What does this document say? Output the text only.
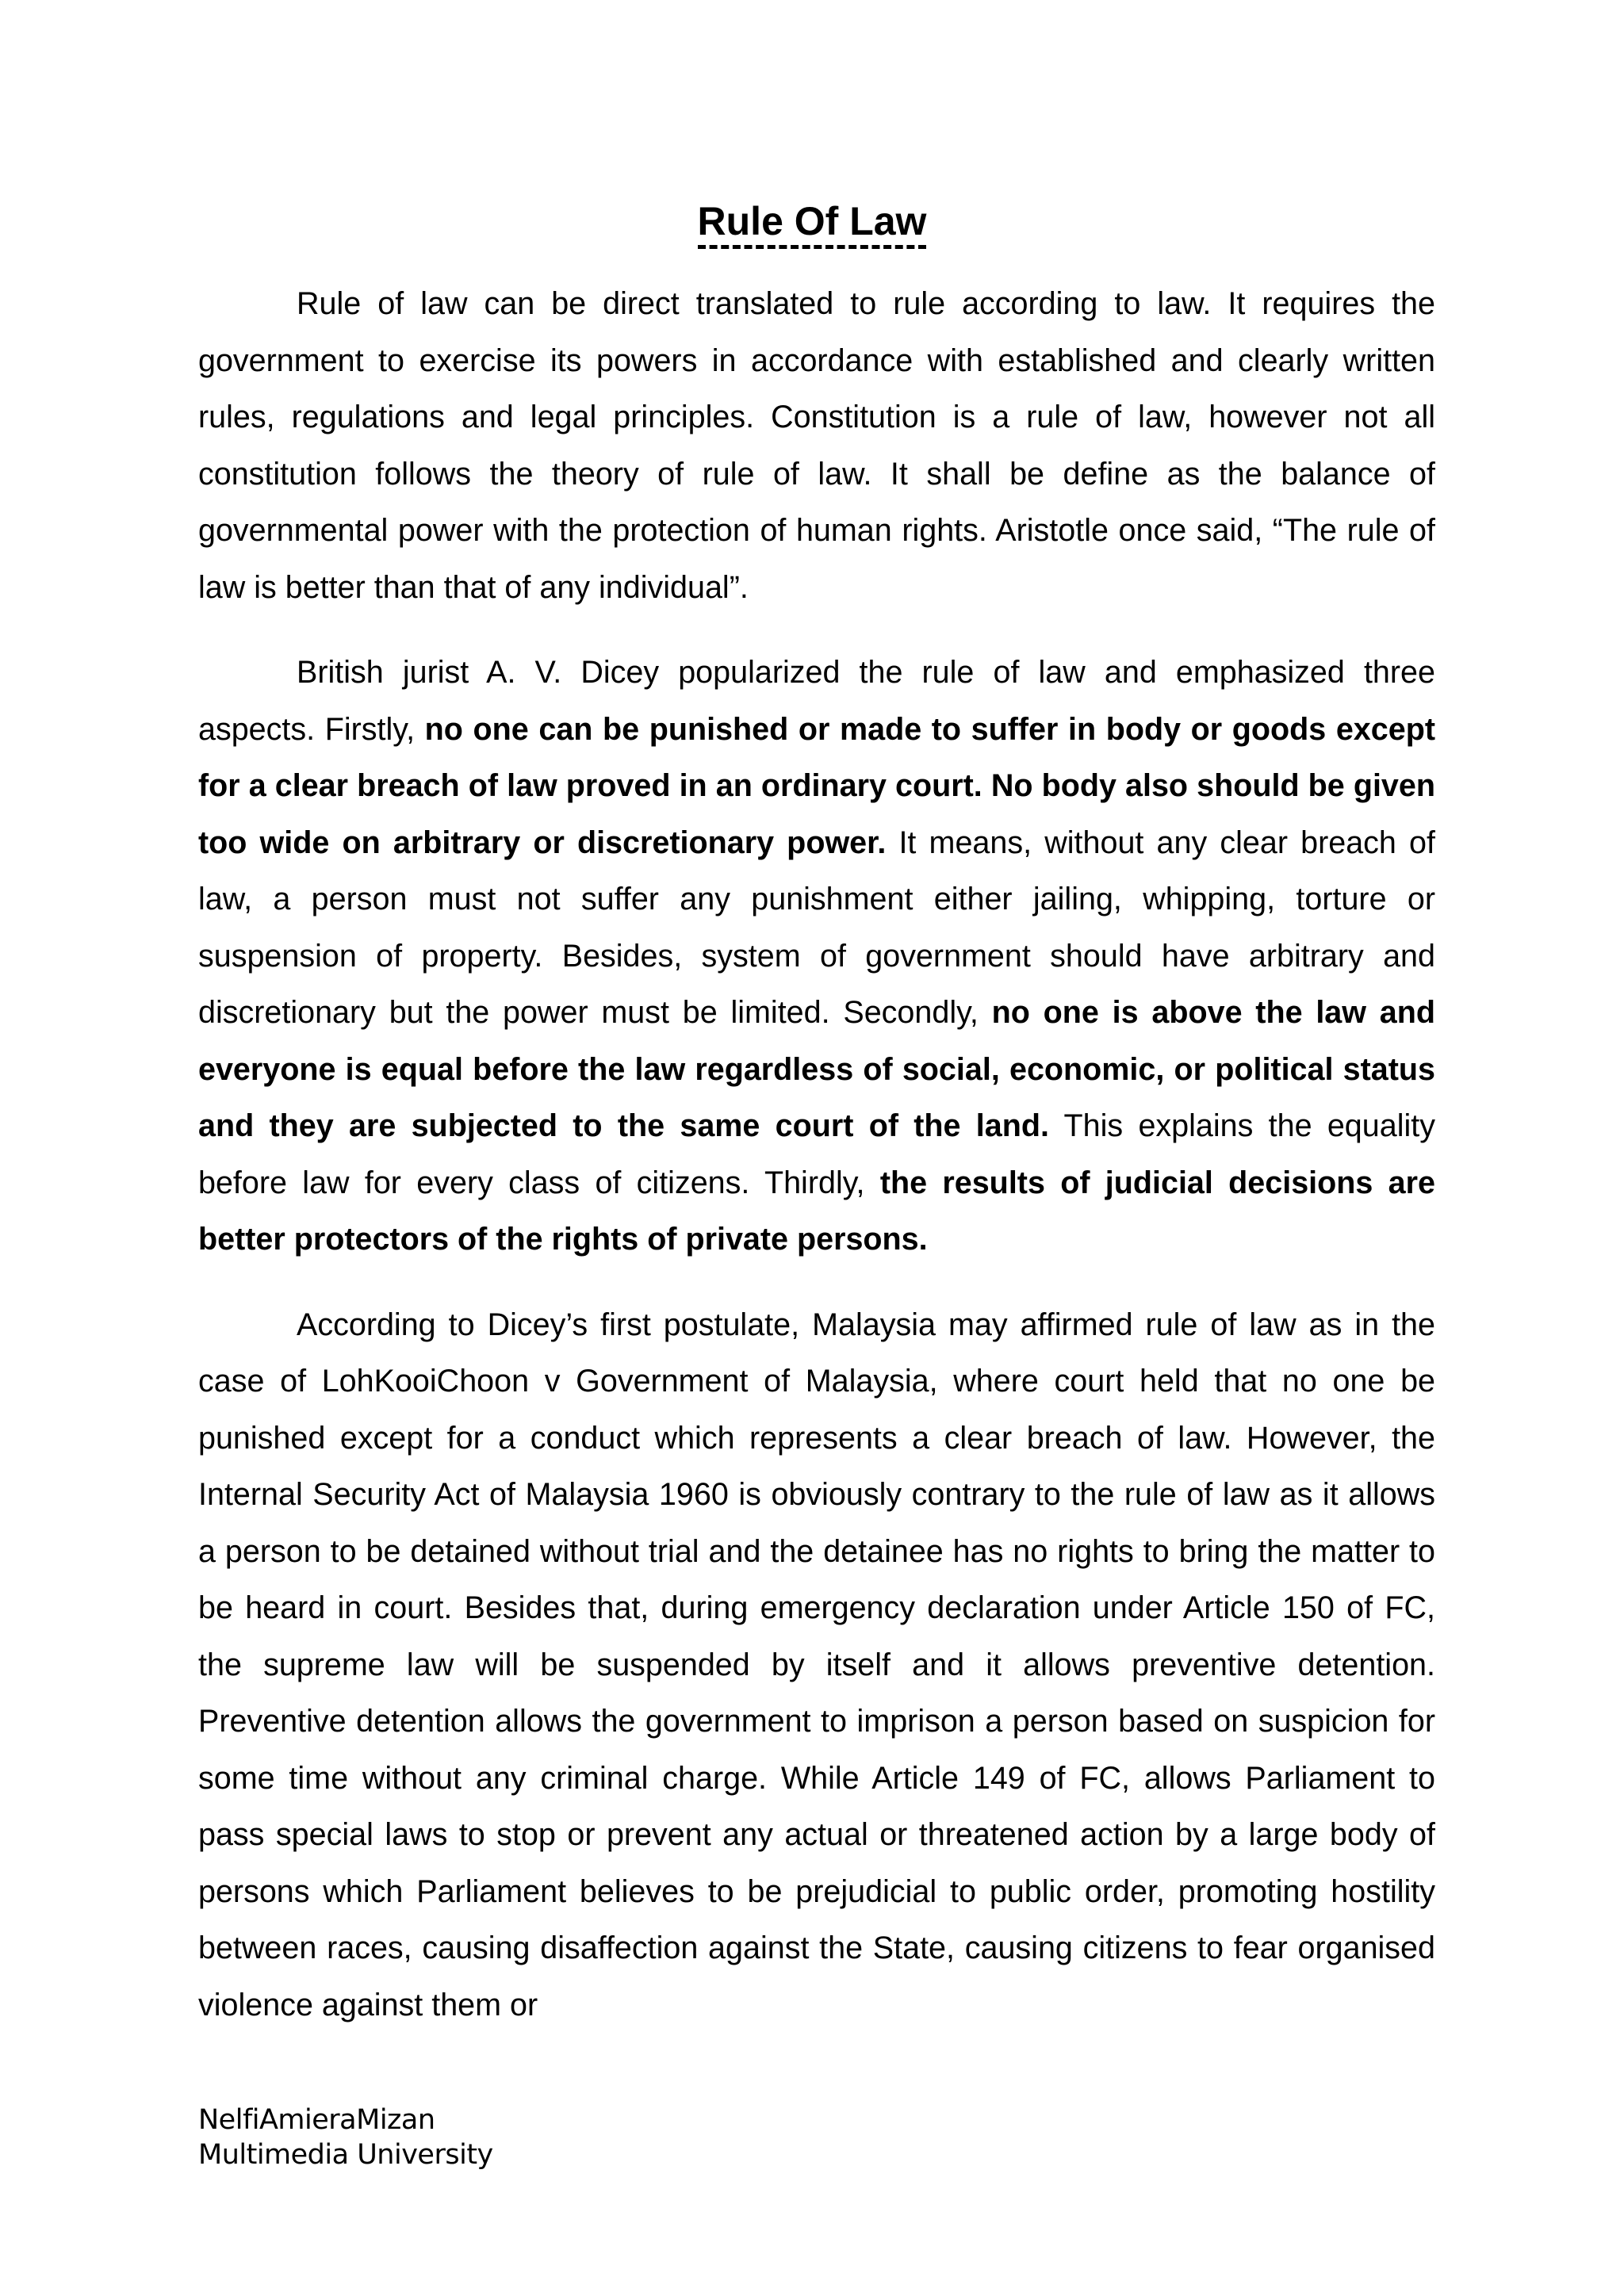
Rule Of Law

Rule of law can be direct translated to rule according to law. It requires the government to exercise its powers in accordance with established and clearly written rules, regulations and legal principles. Constitution is a rule of law, however not all constitution follows the theory of rule of law. It shall be define as the balance of governmental power with the protection of human rights. Aristotle once said, “The rule of law is better than that of any individual”.

British jurist A. V. Dicey popularized the rule of law and emphasized three aspects. Firstly, no one can be punished or made to suffer in body or goods except for a clear breach of law proved in an ordinary court. No body also should be given too wide on arbitrary or discretionary power. It means, without any clear breach of law, a person must not suffer any punishment either jailing, whipping, torture or suspension of property. Besides, system of government should have arbitrary and discretionary but the power must be limited. Secondly, no one is above the law and everyone is equal before the law regardless of social, economic, or political status and they are subjected to the same court of the land. This explains the equality before law for every class of citizens. Thirdly, the results of judicial decisions are better protectors of the rights of private persons.

According to Dicey’s first postulate, Malaysia may affirmed rule of law as in the case of LohKooiChoon v Government of Malaysia, where court held that no one be punished except for a conduct which represents a clear breach of law. However, the Internal Security Act of Malaysia 1960 is obviously contrary to the rule of law as it allows a person to be detained without trial and the detainee has no rights to bring the matter to be heard in court. Besides that, during emergency declaration under Article 150 of FC, the supreme law will be suspended by itself and it allows preventive detention. Preventive detention allows the government to imprison a person based on suspicion for some time without any criminal charge. While Article 149 of FC, allows Parliament to pass special laws to stop or prevent any actual or threatened action by a large body of persons which Parliament believes to be prejudicial to public order, promoting hostility between races, causing disaffection against the State, causing citizens to fear organised violence against them or

NelfiAmieraMizan
Multimedia University
